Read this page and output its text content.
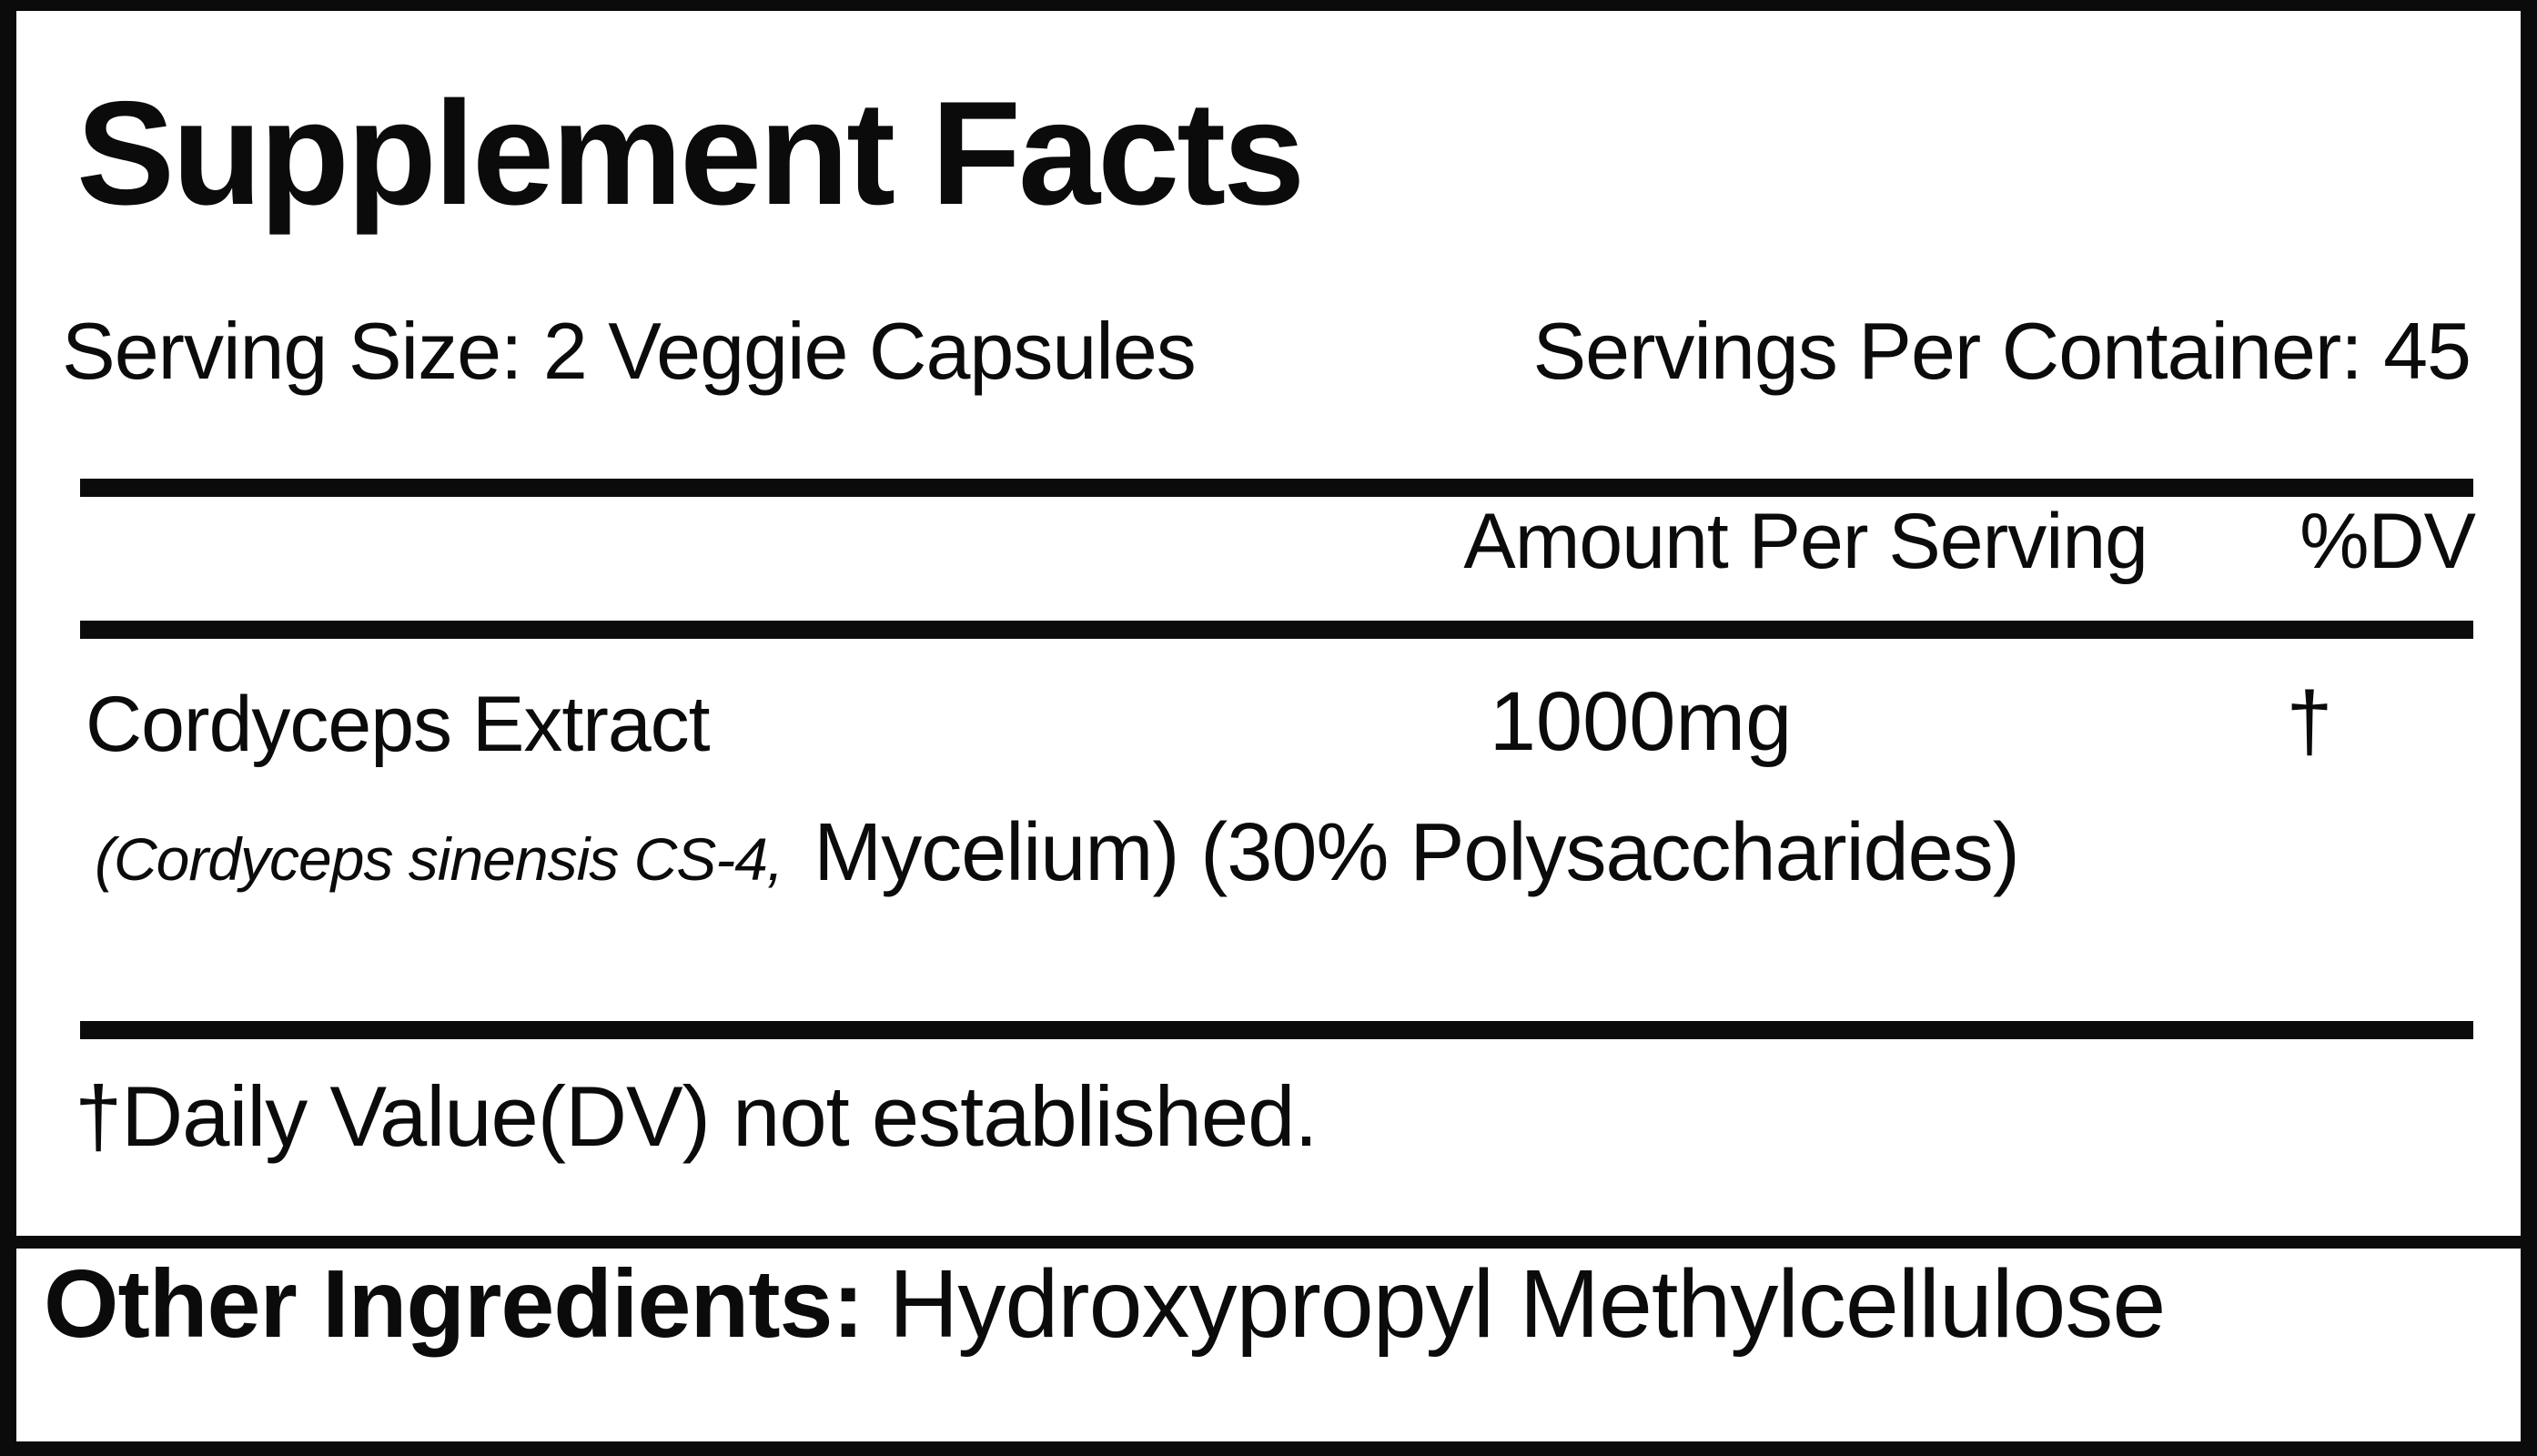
Supplement Facts
Serving Size: 2 Veggie Capsules	Servings Per Container: 45
Amount Per Serving %DV
Cordyceps Extract	1000mg	†
(Cordyceps sinensis CS-4, Mycelium) (30% Polysaccharides)
†Daily Value(DV) not established.
Other Ingredients: Hydroxypropyl Methylcellulose
